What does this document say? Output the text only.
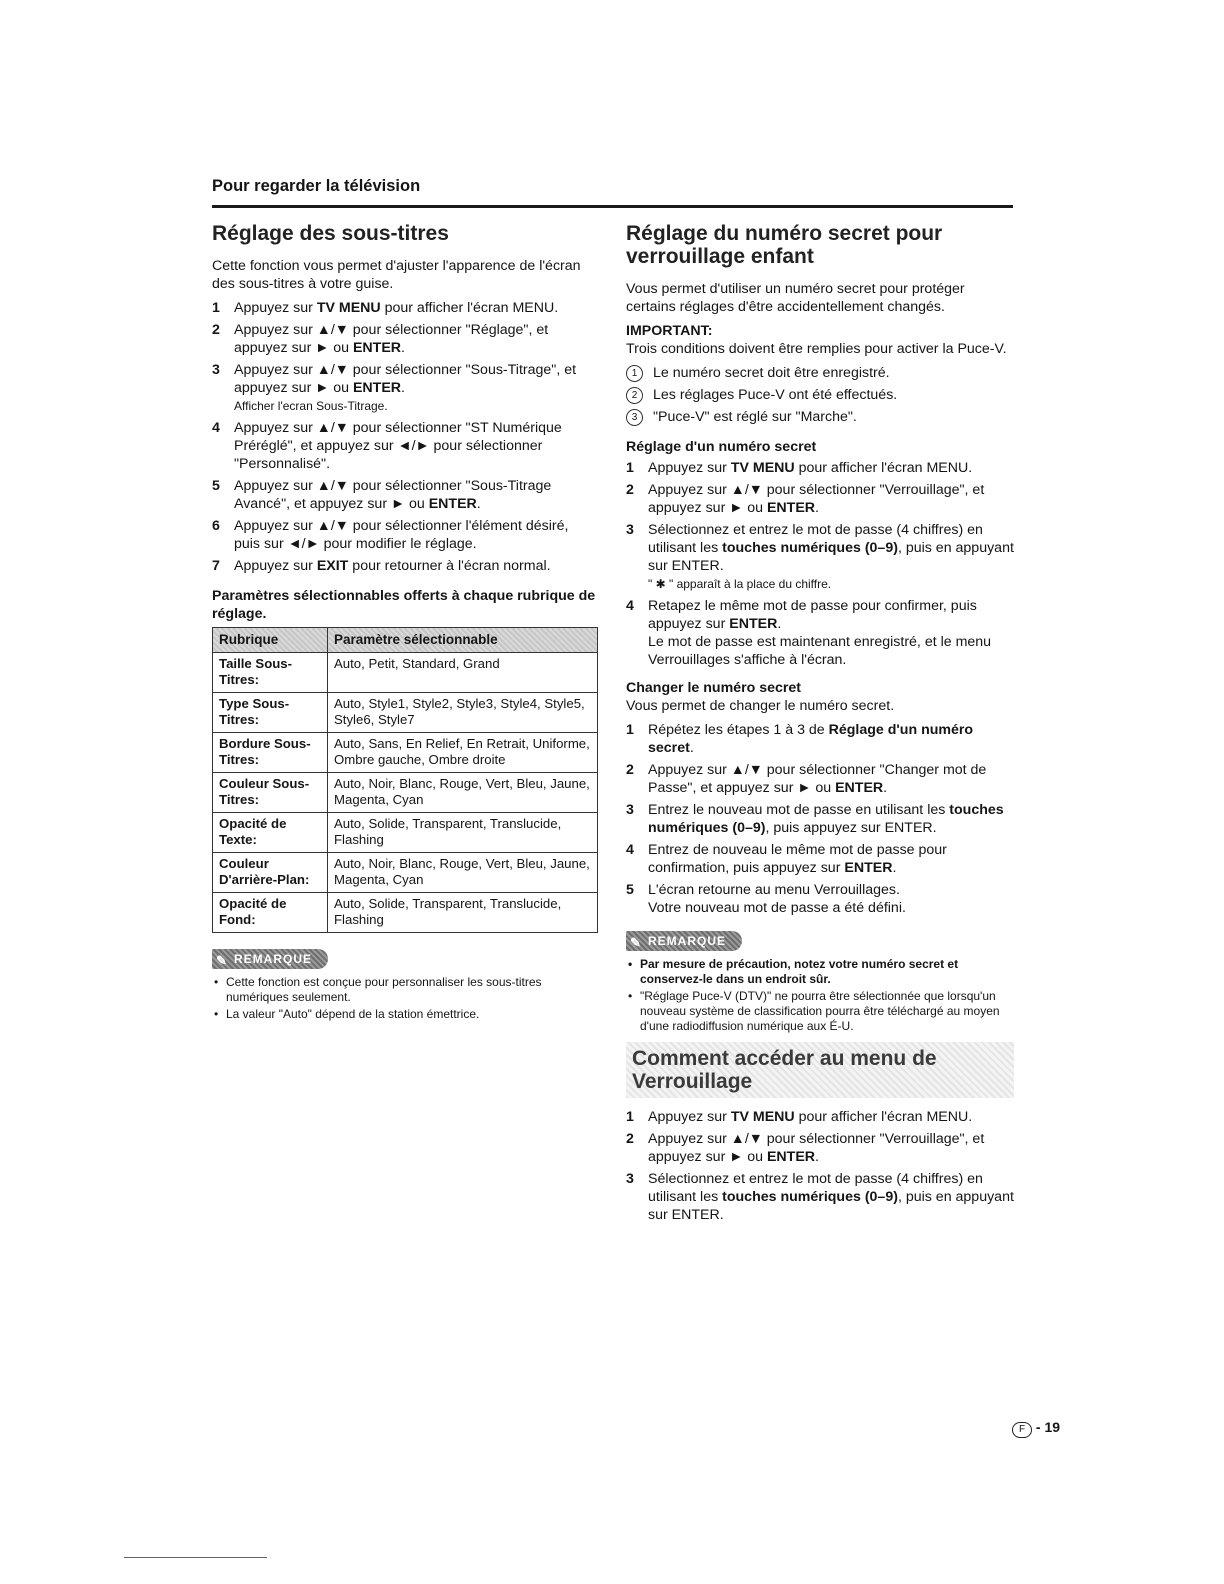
Pour regarder la télévision
Réglage des sous-titres

Cette fonction vous permet d'ajuster l'apparence de l'écran des sous-titres à votre guise.

1 Appuyez sur TV MENU pour afficher l'écran MENU.
2 Appuyez sur ▲/▼ pour sélectionner "Réglage", et appuyez sur ► ou ENTER.
3 Appuyez sur ▲/▼ pour sélectionner "Sous-Titrage", et appuyez sur ► ou ENTER.
Afficher l'ecran Sous-Titrage.
4 Appuyez sur ▲/▼ pour sélectionner "ST Numérique Préréglé", et appuyez sur ◄/► pour sélectionner "Personnalisé".
5 Appuyez sur ▲/▼ pour sélectionner "Sous-Titrage Avancé", et appuyez sur ► ou ENTER.
6 Appuyez sur ▲/▼ pour sélectionner l'élément désiré, puis sur ◄/► pour modifier le réglage.
7 Appuyez sur EXIT pour retourner à l'écran normal.
Paramètres sélectionnables offerts à chaque rubrique de réglage.
Rubrique	Paramètre sélectionnable
Taille Sous-Titres:	Auto, Petit, Standard, Grand
Type Sous-Titres:	Auto, Style1, Style2, Style3, Style4, Style5, Style6, Style7
Bordure Sous-Titres:	Auto, Sans, En Relief, En Retrait, Uniforme, Ombre gauche, Ombre droite
Couleur Sous-Titres:	Auto, Noir, Blanc, Rouge, Vert, Bleu, Jaune, Magenta, Cyan
Opacité de Texte:	Auto, Solide, Transparent, Translucide, Flashing
Couleur D'arrière-Plan:	Auto, Noir, Blanc, Rouge, Vert, Bleu, Jaune, Magenta, Cyan
Opacité de Fond:	Auto, Solide, Transparent, Translucide, Flashing
✎ REMARQUE
• Cette fonction est conçue pour personnaliser les sous-titres numériques seulement.
• La valeur "Auto" dépend de la station émettrice.
Réglage du numéro secret pour verrouillage enfant

Vous permet d'utiliser un numéro secret pour protéger certains réglages d'être accidentellement changés.

IMPORTANT:

Trois conditions doivent être remplies pour activer la Puce-V.

1 Le numéro secret doit être enregistré.
2 Les réglages Puce-V ont été effectués.
3 "Puce-V" est réglé sur "Marche".
Réglage d'un numéro secret
1 Appuyez sur TV MENU pour afficher l'écran MENU.
2 Appuyez sur ▲/▼ pour sélectionner "Verrouillage", et appuyez sur ► ou ENTER.
3 Sélectionnez et entrez le mot de passe (4 chiffres) en utilisant les touches numériques (0–9), puis en appuyant sur ENTER.
" ✱ " apparaît à la place du chiffre.
4 Retapez le même mot de passe pour confirmer, puis appuyez sur ENTER.
Le mot de passe est maintenant enregistré, et le menu Verrouillages s'affiche à l'écran.
Changer le numéro secret

Vous permet de changer le numéro secret.

1 Répétez les étapes 1 à 3 de Réglage d'un numéro secret.
2 Appuyez sur ▲/▼ pour sélectionner "Changer mot de Passe", et appuyez sur ► ou ENTER.
3 Entrez le nouveau mot de passe en utilisant les touches numériques (0–9), puis appuyez sur ENTER.
4 Entrez de nouveau le même mot de passe pour confirmation, puis appuyez sur ENTER.
5 L'écran retourne au menu Verrouillages.
Votre nouveau mot de passe a été défini.
✎ REMARQUE
• Par mesure de précaution, notez votre numéro secret et conservez-le dans un endroit sûr.
• "Réglage Puce-V (DTV)" ne pourra être sélectionnée que lorsqu'un nouveau système de classification pourra être téléchargé au moyen d'une radiodiffusion numérique aux É-U.
Comment accéder au menu de Verrouillage
1 Appuyez sur TV MENU pour afficher l'écran MENU.
2 Appuyez sur ▲/▼ pour sélectionner "Verrouillage", et appuyez sur ► ou ENTER.
3 Sélectionnez et entrez le mot de passe (4 chiffres) en utilisant les touches numériques (0–9), puis en appuyant sur ENTER.
F - 19
